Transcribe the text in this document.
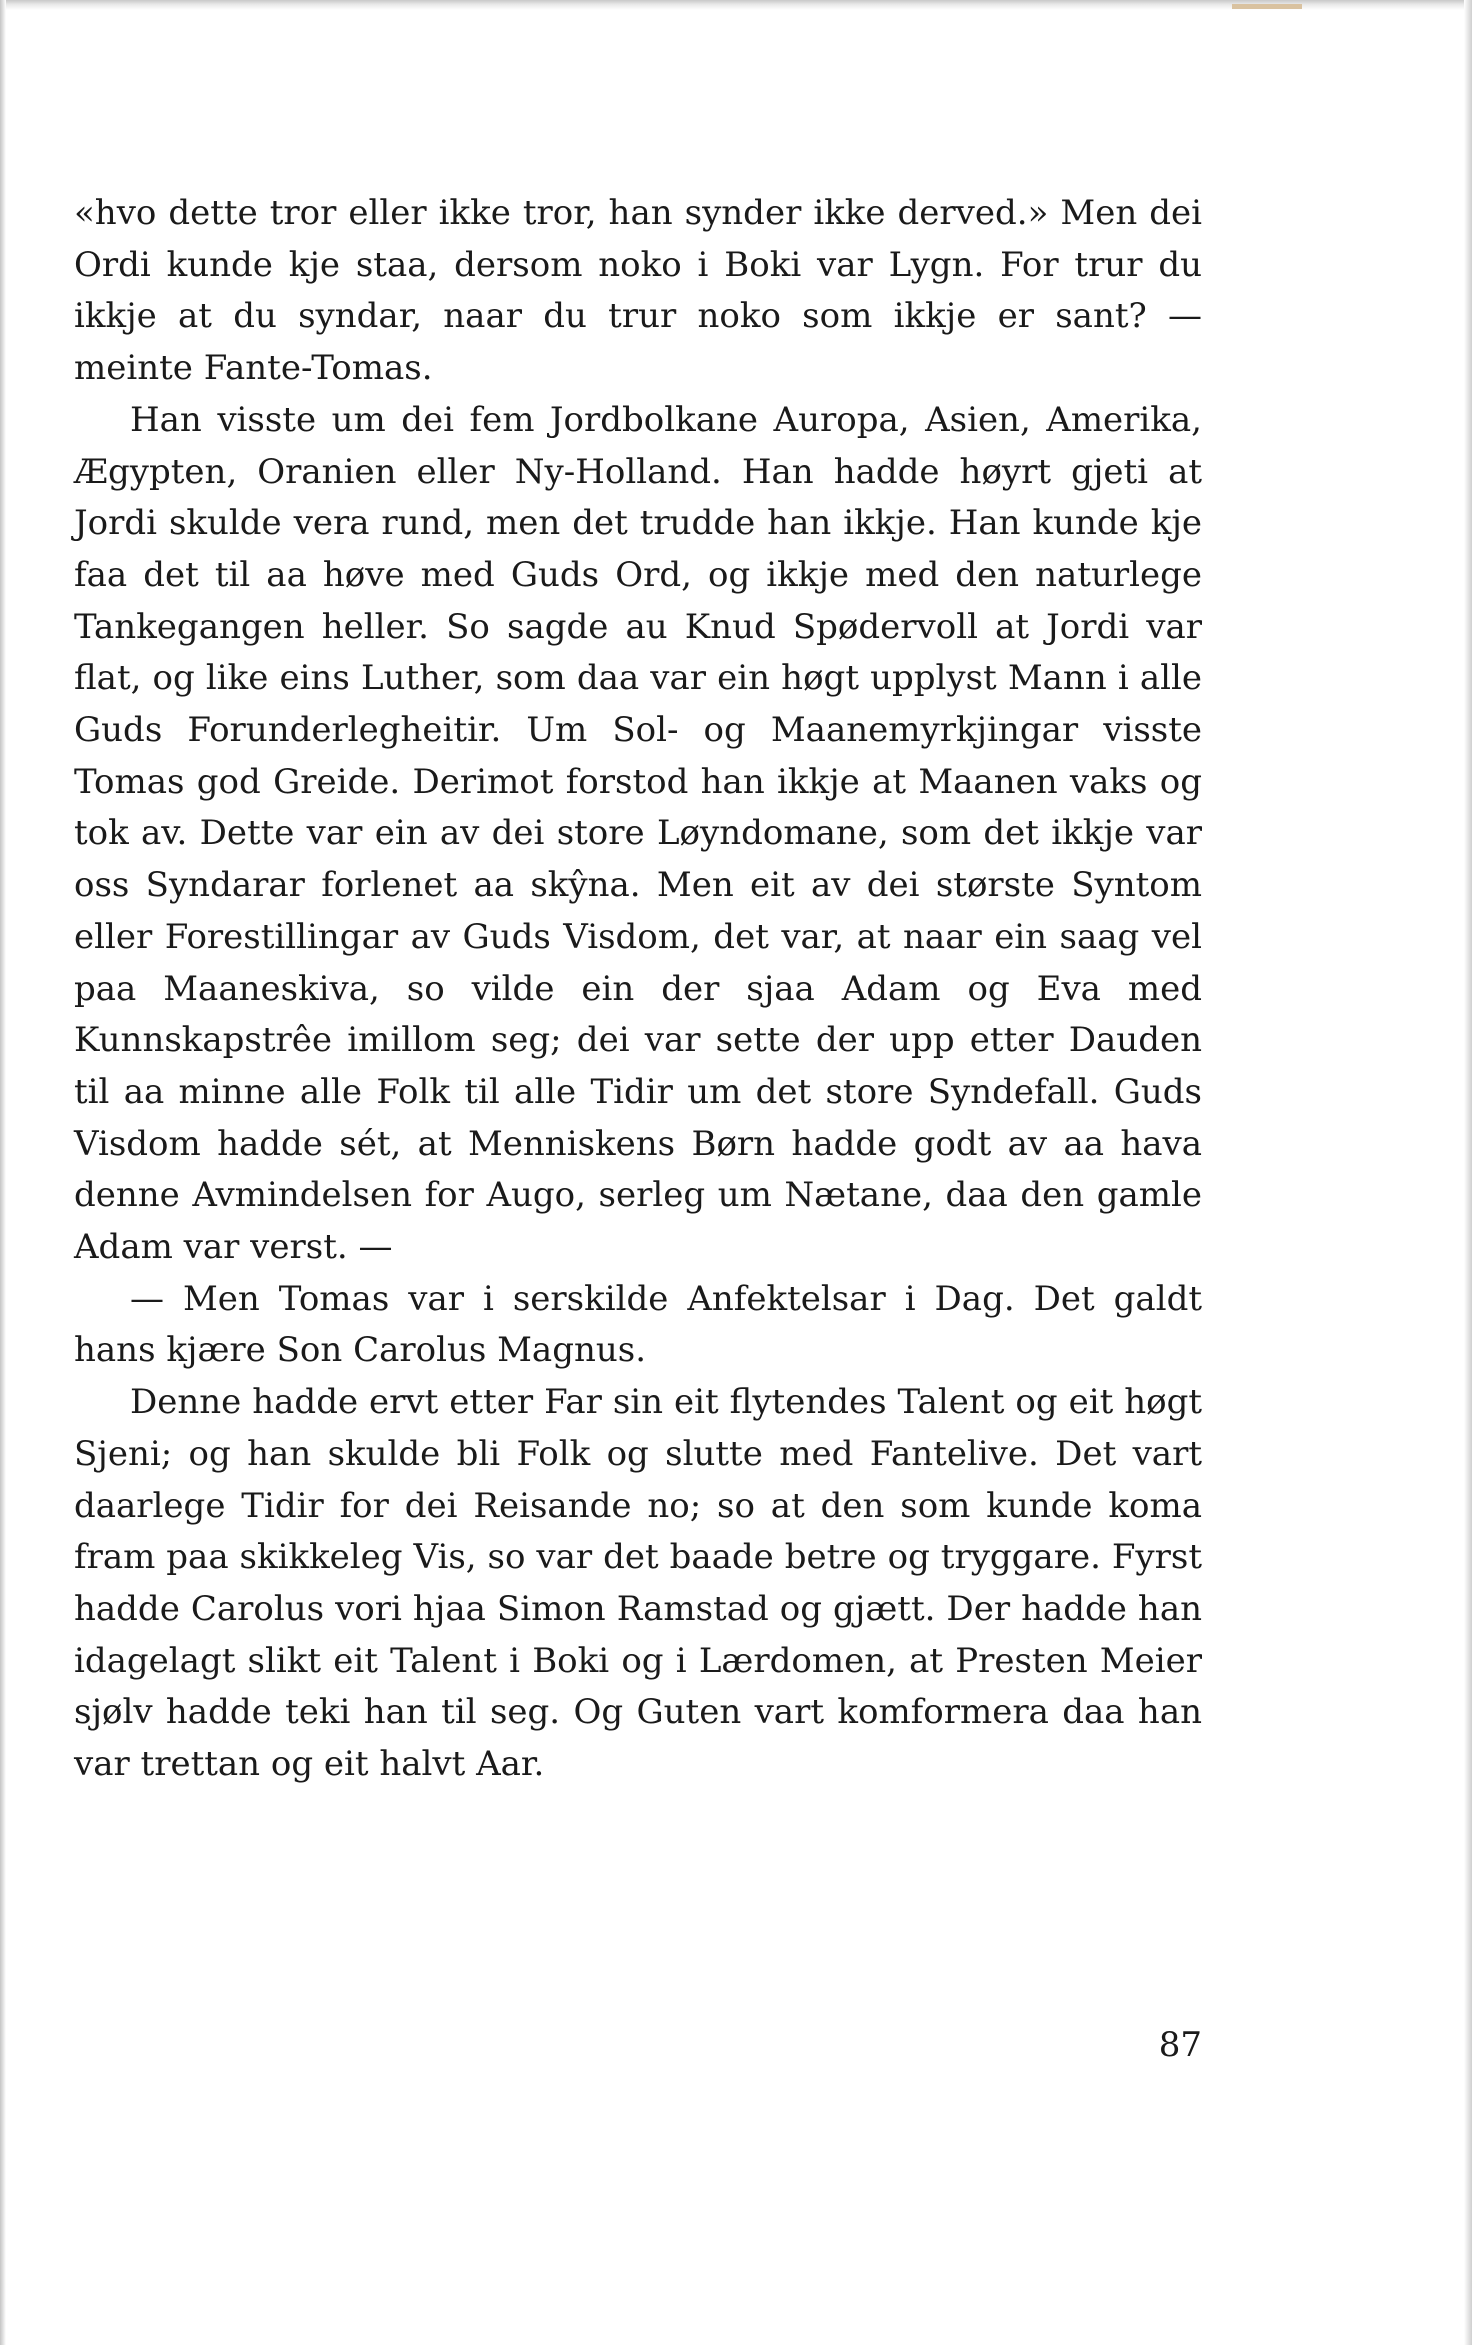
«hvo dette tror eller ikke tror, han synder ikke derved.» Men dei Ordi kunde kje staa, dersom noko i Boki var Lygn. For trur du ikkje at du syndar, naar du trur noko som ikkje er sant? — meinte Fante-Tomas.

Han visste um dei fem Jordbolkane Auropa, Asien, Amerika, Ægypten, Oranien eller Ny-Holland. Han hadde høyrt gjeti at Jordi skulde vera rund, men det trudde han ikkje. Han kunde kje faa det til aa høve med Guds Ord, og ikkje med den naturlege Tankegangen heller. So sagde au Knud Spødervoll at Jordi var flat, og like eins Luther, som daa var ein høgt upplyst Mann i alle Guds Forunderlegheitir. Um Sol- og Maanemyrkjingar visste Tomas god Greide. Derimot forstod han ikkje at Maanen vaks og tok av. Dette var ein av dei store Løyndomane, som det ikkje var oss Syndarar forlenet aa skŷna. Men eit av dei største Syntom eller Forestillingar av Guds Visdom, det var, at naar ein saag vel paa Maaneskiva, so vilde ein der sjaa Adam og Eva med Kunnskapstrêe imillom seg; dei var sette der upp etter Dauden til aa minne alle Folk til alle Tidir um det store Syndefall. Guds Visdom hadde sét, at Menniskens Børn hadde godt av aa hava denne Avmindelsen for Augo, serleg um Nætane, daa den gamle Adam var verst. —

— Men Tomas var i serskilde Anfektelsar i Dag. Det galdt hans kjære Son Carolus Magnus.

Denne hadde ervt etter Far sin eit flytendes Talent og eit høgt Sjeni; og han skulde bli Folk og slutte med Fantelive. Det vart daarlege Tidir for dei Reisande no; so at den som kunde koma fram paa skikkeleg Vis, so var det baade betre og tryggare. Fyrst hadde Carolus vori hjaa Simon Ramstad og gjætt. Der hadde han idagelagt slikt eit Talent i Boki og i Lærdomen, at Presten Meier sjølv hadde teki han til seg. Og Guten vart komformera daa han var trettan og eit halvt Aar.

87
